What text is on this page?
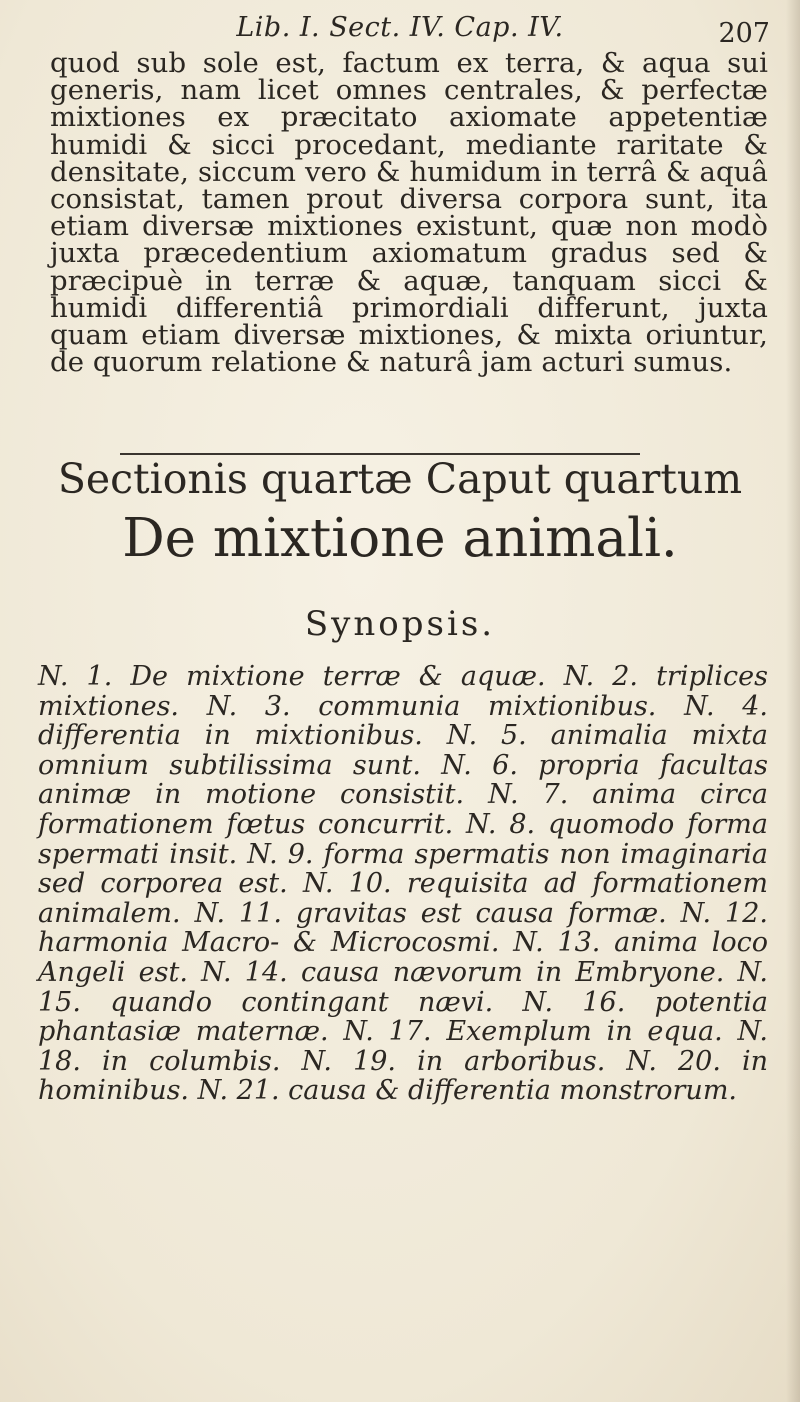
Lib. I. Sect. IV. Cap. IV.	207

quod sub sole est, factum ex terra, & aqua sui generis, nam licet omnes centrales, & perfectæ mixtiones ex præcitato axiomate appetentiæ humidi & sicci procedant, mediante raritate & densitate, siccum vero & humidum in terrâ & aquâ consistat, tamen prout diversa corpora sunt, ita etiam diversæ mixtiones existunt, quæ non modò juxta præcedentium axiomatum gradus sed & præcipuè in terræ & aquæ, tanquam sicci & humidi differentiâ primordiali differunt, juxta quam etiam diversæ mixtiones, & mixta oriuntur, de quorum relatione & naturâ jam acturi sumus.

Sectionis quartæ Caput quartum
De mixtione animali.
Synopsis.

N. 1. De mixtione terræ & aquæ. N. 2. triplices mixtiones. N. 3. communia mixtionibus. N. 4. differentia in mixtionibus. N. 5. animalia mixta omnium subtilissima sunt. N. 6. propria facultas animæ in motione consistit. N. 7. anima circa formationem fœtus concurrit. N. 8. quomodo forma spermati insit. N. 9. forma spermatis non imaginaria sed corporea est. N. 10. requisita ad formationem animalem. N. 11. gravitas est causa formæ. N. 12. harmonia Macro- & Microcosmi. N. 13. anima loco Angeli est. N. 14. causa nævorum in Embryone. N. 15. quando contingant nævi. N. 16. potentia phantasiæ maternæ. N. 17. Exemplum in equa. N. 18. in columbis. N. 19. in arboribus. N. 20. in hominibus. N. 21. causa & differentia monstrorum.
